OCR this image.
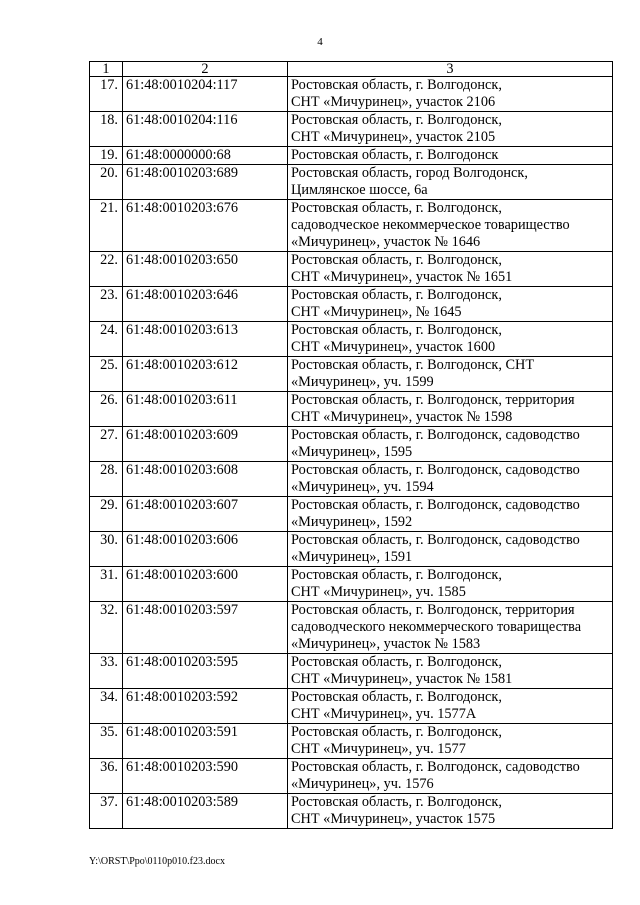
4
1	2	3
17.	61:48:0010204:117	Ростовская область, г. Волгодонск,
СНТ «Мичуринец», участок 2106

18.	61:48:0010204:116	Ростовская область, г. Волгодонск,
СНТ «Мичуринец», участок 2105

19.	61:48:0000000:68	Ростовская область, г. Волгодонск

20.	61:48:0010203:689	Ростовская область, город Волгодонск,
Цимлянское шоссе, 6а

21.	61:48:0010203:676	Ростовская область, г. Волгодонск,
садоводческое некоммерческое товарищество
«Мичуринец», участок № 1646

22.	61:48:0010203:650	Ростовская область, г. Волгодонск,
СНТ «Мичуринец», участок № 1651

23.	61:48:0010203:646	Ростовская область, г. Волгодонск,
СНТ «Мичуринец», № 1645

24.	61:48:0010203:613	Ростовская область, г. Волгодонск,
СНТ «Мичуринец», участок 1600

25.	61:48:0010203:612	Ростовская область, г. Волгодонск, СНТ
«Мичуринец», уч. 1599

26.	61:48:0010203:611	Ростовская область, г. Волгодонск, территория
СНТ «Мичуринец», участок № 1598

27.	61:48:0010203:609	Ростовская область, г. Волгодонск, садоводство
«Мичуринец», 1595

28.	61:48:0010203:608	Ростовская область, г. Волгодонск, садоводство
«Мичуринец», уч. 1594

29.	61:48:0010203:607	Ростовская область, г. Волгодонск, садоводство
«Мичуринец», 1592

30.	61:48:0010203:606	Ростовская область, г. Волгодонск, садоводство
«Мичуринец», 1591

31.	61:48:0010203:600	Ростовская область, г. Волгодонск,
СНТ «Мичуринец», уч. 1585

32.	61:48:0010203:597	Ростовская область, г. Волгодонск, территория
садоводческого некоммерческого товарищества
«Мичуринец», участок № 1583

33.	61:48:0010203:595	Ростовская область, г. Волгодонск,
СНТ «Мичуринец», участок № 1581

34.	61:48:0010203:592	Ростовская область, г. Волгодонск,
СНТ «Мичуринец», уч. 1577А

35.	61:48:0010203:591	Ростовская область, г. Волгодонск,
СНТ «Мичуринец», уч. 1577

36.	61:48:0010203:590	Ростовская область, г. Волгодонск, садоводство
«Мичуринец», уч. 1576

37.	61:48:0010203:589	Ростовская область, г. Волгодонск,
СНТ «Мичуринец», участок 1575
Y:\ORST\Ppo\0110p010.f23.docx
